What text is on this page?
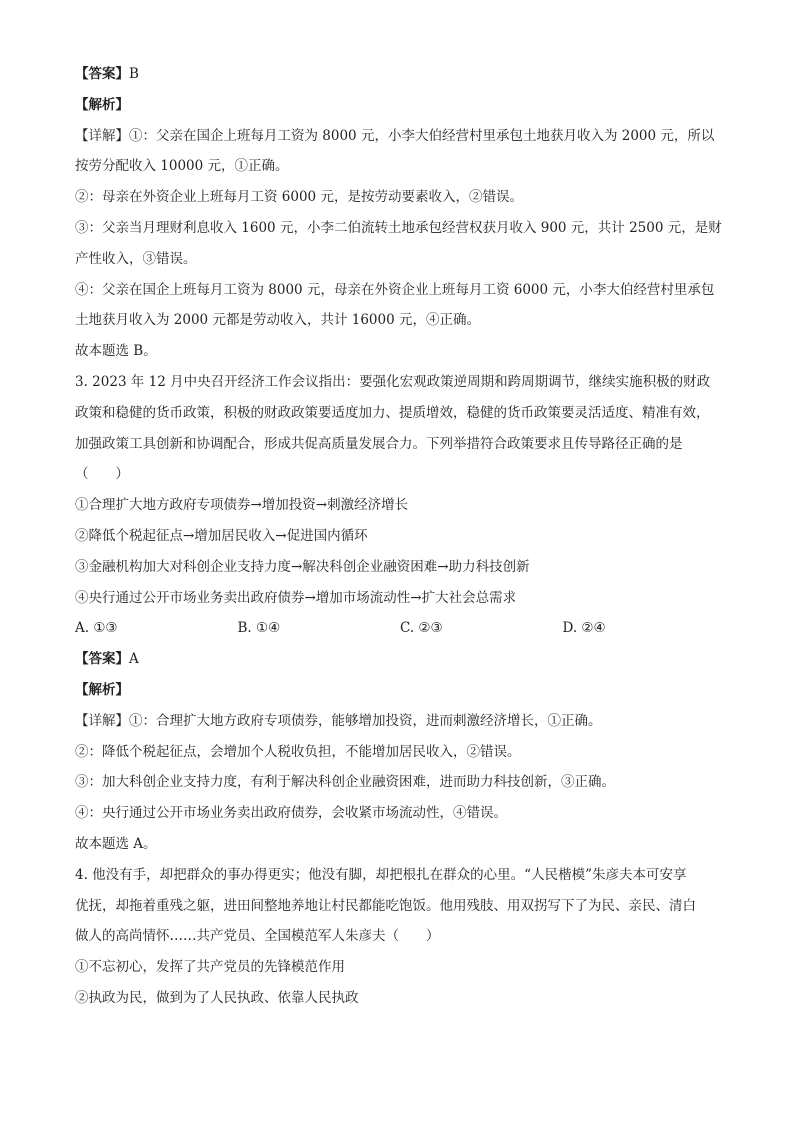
【答案】B

【解析】

【详解】①：父亲在国企上班每月工资为 8000 元，小李大伯经营村里承包土地获月收入为 2000 元，所以

按劳分配收入 10000 元，①正确。

②：母亲在外资企业上班每月工资 6000 元，是按劳动要素收入，②错误。

③：父亲当月理财利息收入 1600 元，小李二伯流转土地承包经营权获月收入 900 元，共计 2500 元，是财

产性收入，③错误。

④：父亲在国企上班每月工资为 8000 元，母亲在外资企业上班每月工资 6000 元，小李大伯经营村里承包

土地获月收入为 2000 元都是劳动收入，共计 16000 元，④正确。

故本题选 B。

3. 2023 年 12 月中央召开经济工作会议指出：要强化宏观政策逆周期和跨周期调节，继续实施积极的财政

政策和稳健的货币政策，积极的财政政策要适度加力、提质增效，稳健的货币政策要灵活适度、精准有效，

加强政策工具创新和协调配合，形成共促高质量发展合力。下列举措符合政策要求且传导路径正确的是

（　　）

①合理扩大地方政府专项债券→增加投资→刺激经济增长

②降低个税起征点→增加居民收入→促进国内循环

③金融机构加大对科创企业支持力度→解决科创企业融资困难→助力科技创新

④央行通过公开市场业务卖出政府债券→增加市场流动性→扩大社会总需求

A. ①③	B. ①④	C. ②③	D. ②④

【答案】A

【解析】

【详解】①：合理扩大地方政府专项债券，能够增加投资，进而刺激经济增长，①正确。

②：降低个税起征点，会增加个人税收负担，不能增加居民收入，②错误。

③：加大科创企业支持力度，有利于解决科创企业融资困难，进而助力科技创新，③正确。

④：央行通过公开市场业务卖出政府债券，会收紧市场流动性，④错误。

故本题选 A。

4. 他没有手，却把群众的事办得更实；他没有脚，却把根扎在群众的心里。“人民楷模”朱彦夫本可安享

优抚，却拖着重残之躯，进田间整地养地让村民都能吃饱饭。他用残肢、用双拐写下了为民、亲民、清白

做人的高尚情怀……共产党员、全国模范军人朱彦夫（　　）

①不忘初心，发挥了共产党员的先锋模范作用

②执政为民，做到为了人民执政、依靠人民执政
